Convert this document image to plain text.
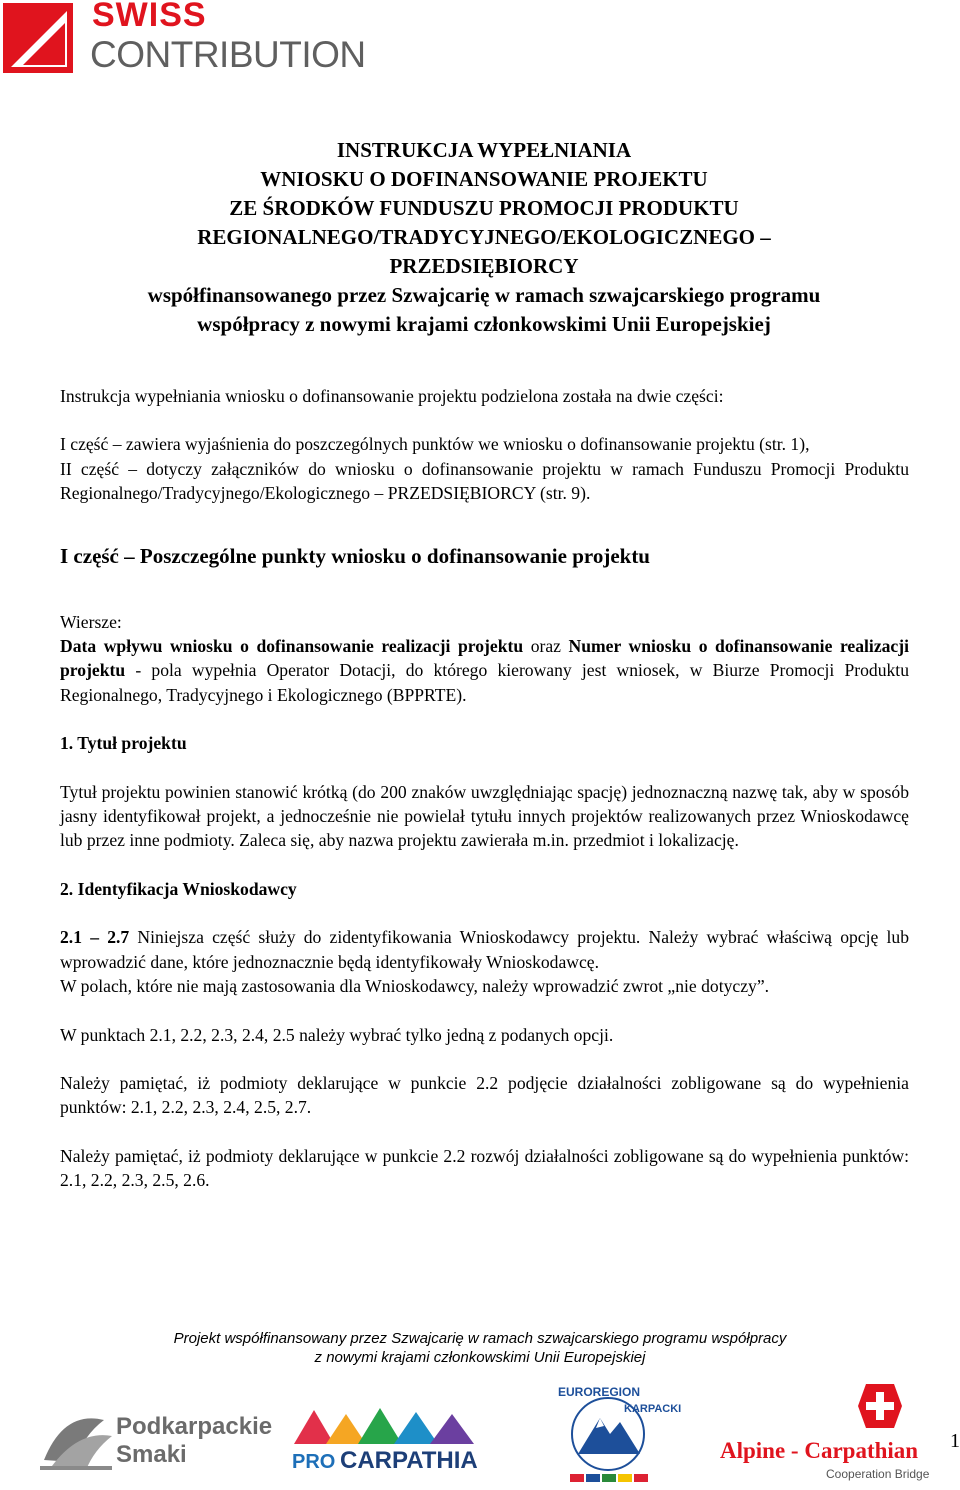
SWISS
CONTRIBUTION
INSTRUKCJA WYPEŁNIANIA
WNIOSKU O DOFINANSOWANIE PROJEKTU
ZE ŚRODKÓW FUNDUSZU PROMOCJI PRODUKTU
REGIONALNEGO/TRADYCYJNEGO/EKOLOGICZNEGO –
PRZEDSIĘBIORCY
współfinansowanego przez Szwajcarię w ramach szwajcarskiego programu
współpracy z nowymi krajami członkowskimi Unii Europejskiej

Instrukcja wypełniania wniosku o dofinansowanie projektu podzielona została na dwie części:

I część – zawiera wyjaśnienia do poszczególnych punktów we wniosku o dofinansowanie projektu (str. 1),

II część – dotyczy załączników do wniosku o dofinansowanie projektu w ramach Funduszu Promocji Produktu Regionalnego/Tradycyjnego/Ekologicznego – PRZEDSIĘBIORCY (str. 9).

I część – Poszczególne punkty wniosku o dofinansowanie projektu

Wiersze:

Data wpływu wniosku o dofinansowanie realizacji projektu oraz Numer wniosku o dofinansowanie realizacji projektu - pola wypełnia Operator Dotacji, do którego kierowany jest wniosek, w Biurze Promocji Produktu Regionalnego, Tradycyjnego i Ekologicznego (BPPRTE).

1. Tytuł projektu

Tytuł projektu powinien stanowić krótką (do 200 znaków uwzględniając spację) jednoznaczną nazwę tak, aby w sposób jasny identyfikował projekt, a jednocześnie nie powielał tytułu innych projektów realizowanych przez Wnioskodawcę lub przez inne podmioty. Zaleca się, aby nazwa projektu zawierała m.in. przedmiot i lokalizację.

2. Identyfikacja Wnioskodawcy

2.1 – 2.7 Niniejsza część służy do zidentyfikowania Wnioskodawcy projektu. Należy wybrać właściwą opcję lub wprowadzić dane, które jednoznacznie będą identyfikowały Wnioskodawcę.

W polach, które nie mają zastosowania dla Wnioskodawcy, należy wprowadzić zwrot „nie dotyczy”.

W punktach 2.1, 2.2, 2.3, 2.4, 2.5 należy wybrać tylko jedną z podanych opcji.

Należy pamiętać, iż podmioty deklarujące w punkcie 2.2 podjęcie działalności zobligowane są do wypełnienia punktów: 2.1, 2.2, 2.3, 2.4, 2.5, 2.7.

Należy pamiętać, iż podmioty deklarujące w punkcie 2.2 rozwój działalności zobligowane są do wypełnienia punktów: 2.1, 2.2, 2.3, 2.5, 2.6.

Projekt współfinansowany przez Szwajcarię w ramach szwajcarskiego programu współpracy
z nowymi krajami członkowskimi Unii Europejskiej
Podkarpackie
Smaki	PRO CARPATHIA
EUROREGION
KARPACKI
Alpine - Carpathian
Cooperation Bridge
1
